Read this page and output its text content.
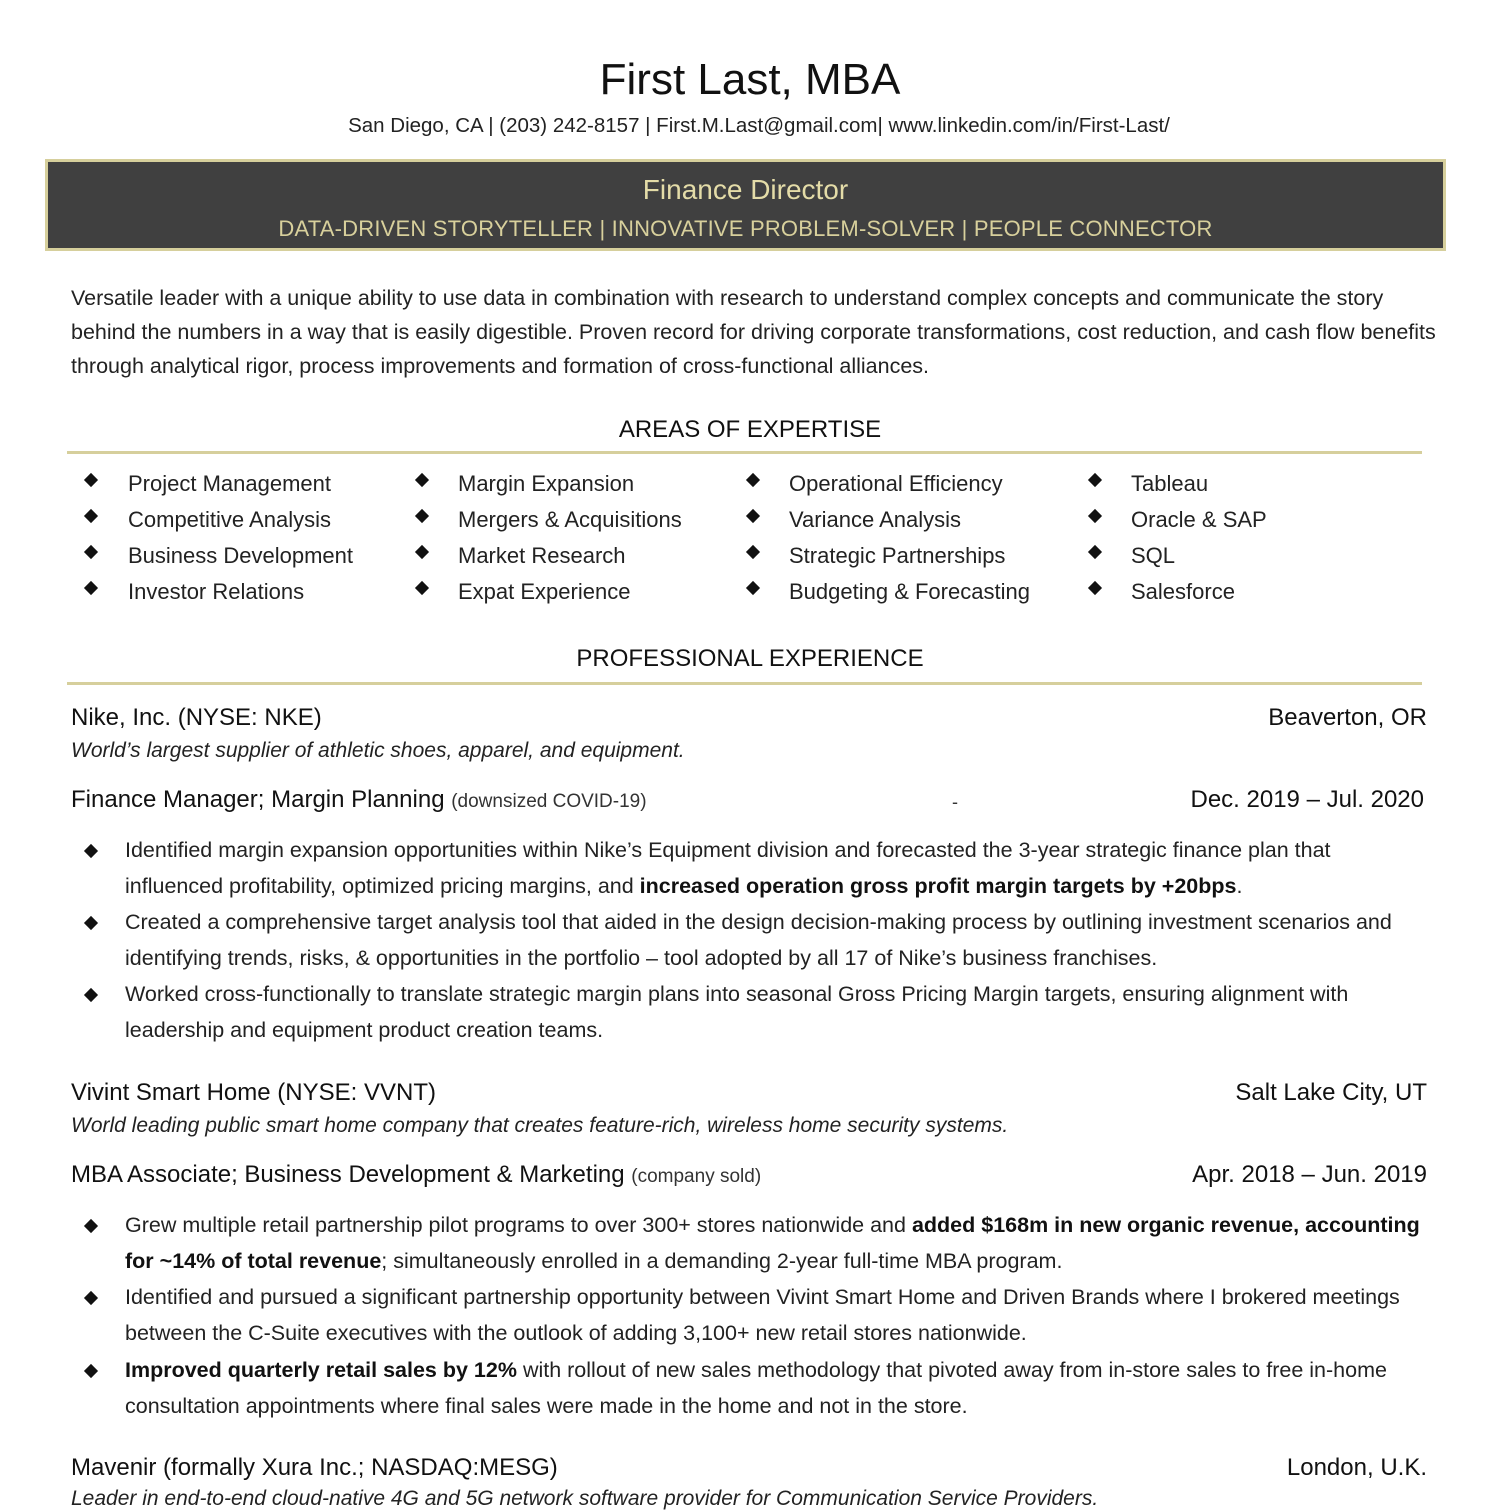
First Last, MBA
San Diego, CA | (203) 242-8157 | First.M.Last@gmail.com| www.linkedin.com/in/First-Last/
Finance Director
DATA-DRIVEN STORYTELLER | INNOVATIVE PROBLEM-SOLVER | PEOPLE CONNECTOR
Versatile leader with a unique ability to use data in combination with research to understand complex concepts and communicate the story behind the numbers in a way that is easily digestible. Proven record for driving corporate transformations, cost reduction, and cash flow benefits through analytical rigor, process improvements and formation of cross-functional alliances.
AREAS OF EXPERTISE
Project Management
Competitive Analysis
Business Development
Investor Relations
Margin Expansion
Mergers & Acquisitions
Market Research
Expat Experience
Operational Efficiency
Variance Analysis
Strategic Partnerships
Budgeting & Forecasting
Tableau
Oracle & SAP
SQL
Salesforce
PROFESSIONAL EXPERIENCE
Nike, Inc. (NYSE: NKE)	Beaverton, OR
World’s largest supplier of athletic shoes, apparel, and equipment.
Finance Manager; Margin Planning (downsized COVID-19)	-	Dec. 2019 – Jul. 2020
Identified margin expansion opportunities within Nike’s Equipment division and forecasted the 3-year strategic finance plan that influenced profitability, optimized pricing margins, and increased operation gross profit margin targets by +20bps.
Created a comprehensive target analysis tool that aided in the design decision-making process by outlining investment scenarios and identifying trends, risks, & opportunities in the portfolio – tool adopted by all 17 of Nike’s business franchises.
Worked cross-functionally to translate strategic margin plans into seasonal Gross Pricing Margin targets, ensuring alignment with leadership and equipment product creation teams.
Vivint Smart Home (NYSE: VVNT)	Salt Lake City, UT
World leading public smart home company that creates feature-rich, wireless home security systems.
MBA Associate; Business Development & Marketing (company sold)	Apr. 2018 – Jun. 2019
Grew multiple retail partnership pilot programs to over 300+ stores nationwide and added $168m in new organic revenue, accounting for ~14% of total revenue; simultaneously enrolled in a demanding 2-year full-time MBA program.
Identified and pursued a significant partnership opportunity between Vivint Smart Home and Driven Brands where I brokered meetings between the C-Suite executives with the outlook of adding 3,100+ new retail stores nationwide.
Improved quarterly retail sales by 12% with rollout of new sales methodology that pivoted away from in-store sales to free in-home consultation appointments where final sales were made in the home and not in the store.
Mavenir (formally Xura Inc.; NASDAQ:MESG)	London, U.K.
Leader in end-to-end cloud-native 4G and 5G network software provider for Communication Service Providers.
